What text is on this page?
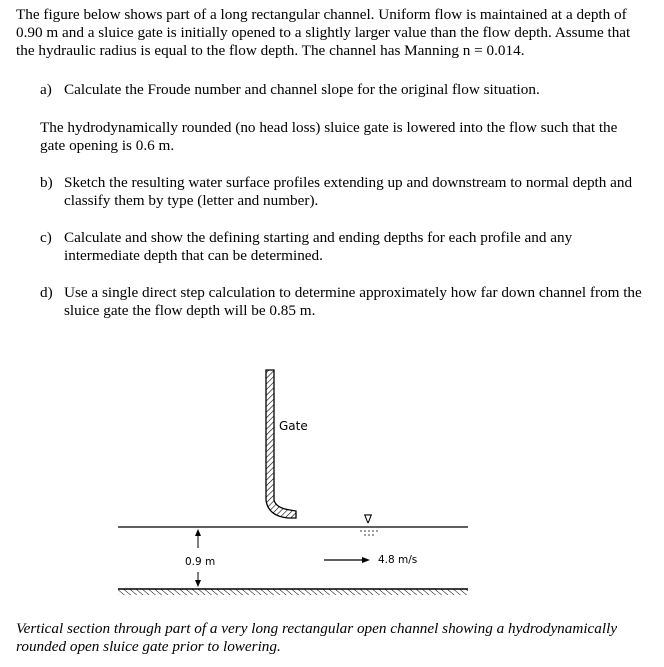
The figure below shows part of a long rectangular channel. Uniform flow is maintained at a depth of 0.90 m and a sluice gate is initially opened to a slightly larger value than the flow depth. Assume that the hydraulic radius is equal to the flow depth. The channel has Manning n = 0.014.

a) Calculate the Froude number and channel slope for the original flow situation.

The hydrodynamically rounded (no head loss) sluice gate is lowered into the flow such that the gate opening is 0.6 m.

b) Sketch the resulting water surface profiles extending up and downstream to normal depth and classify them by type (letter and number).
c) Calculate and show the defining starting and ending depths for each profile and any intermediate depth that can be determined.
d) Use a single direct step calculation to determine approximately how far down channel from the sluice gate the flow depth will be 0.85 m.
Gate
∇
0.9 m	4.8 m/s

Vertical section through part of a very long rectangular open channel showing a hydrodynamically rounded open sluice gate prior to lowering.
